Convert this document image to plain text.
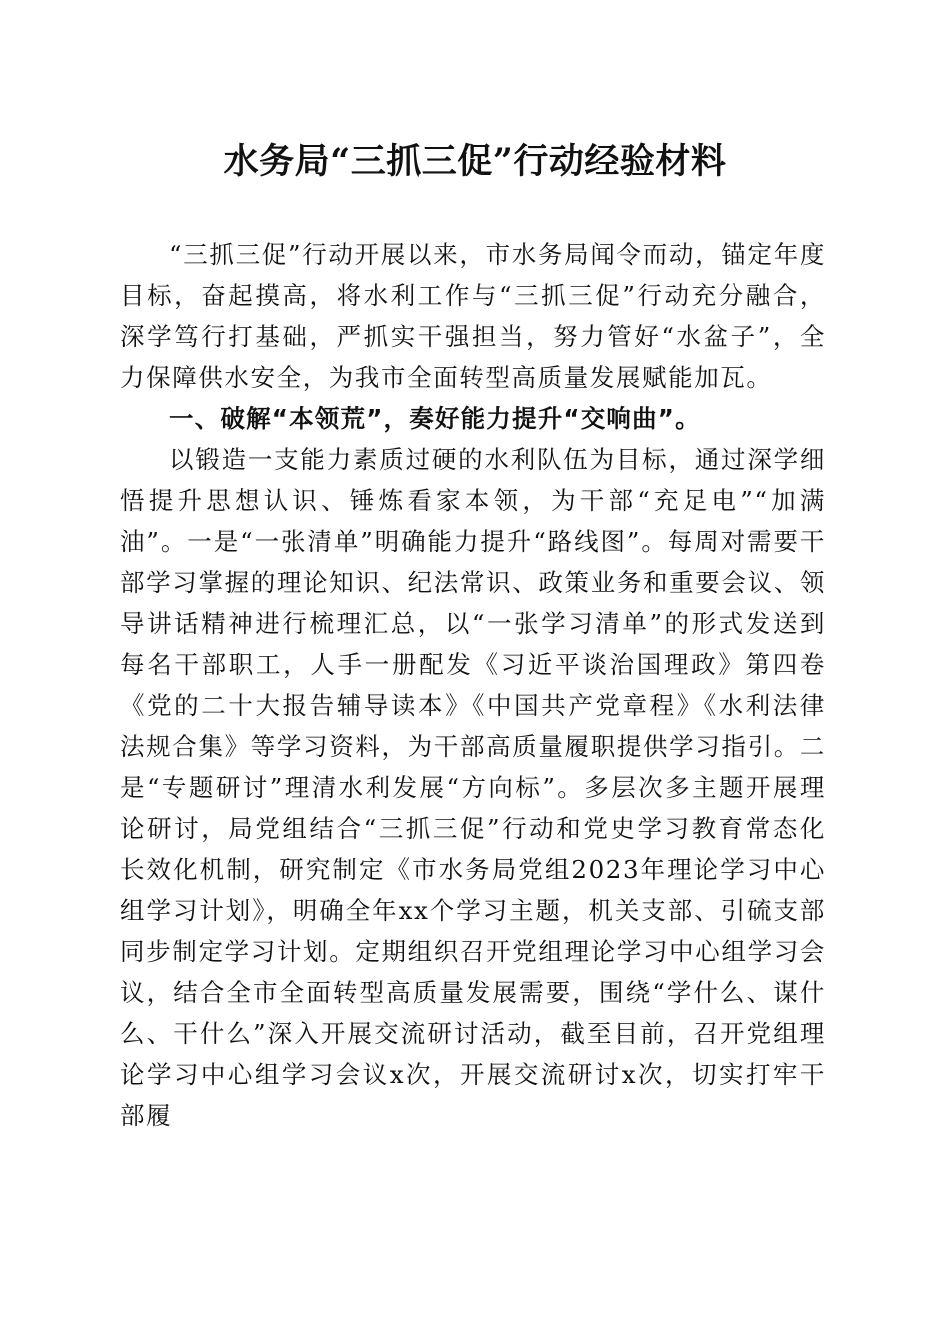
水务局“三抓三促”行动经验材料

“三抓三促”行动开展以来，市水务局闻令而动，锚定年度目标，奋起摸高，将水利工作与“三抓三促”行动充分融合，深学笃行打基础，严抓实干强担当，努力管好“水盆子”，全力保障供水安全，为我市全面转型高质量发展赋能加瓦。

一、破解“本领荒”，奏好能力提升“交响曲”。

以锻造一支能力素质过硬的水利队伍为目标，通过深学细悟提升思想认识、锤炼看家本领，为干部“充足电”“加满油”。一是“一张清单”明确能力提升“路线图”。每周对需要干部学习掌握的理论知识、纪法常识、政策业务和重要会议、领导讲话精神进行梳理汇总，以“一张学习清单”的形式发送到每名干部职工，人手一册配发《习近平谈治国理政》第四卷《党的二十大报告辅导读本》《中国共产党章程》《水利法律法规合集》等学习资料，为干部高质量履职提供学习指引。二是“专题研讨”理清水利发展“方向标”。多层次多主题开展理论研讨，局党组结合“三抓三促”行动和党史学习教育常态化长效化机制，研究制定《市水务局党组2023年理论学习中心组学习计划》，明确全年xx个学习主题，机关支部、引硫支部同步制定学习计划。定期组织召开党组理论学习中心组学习会议，结合全市全面转型高质量发展需要，围绕“学什么、谋什么、干什么”深入开展交流研讨活动，截至目前，召开党组理论学习中心组学习会议x次，开展交流研讨x次，切实打牢干部履
